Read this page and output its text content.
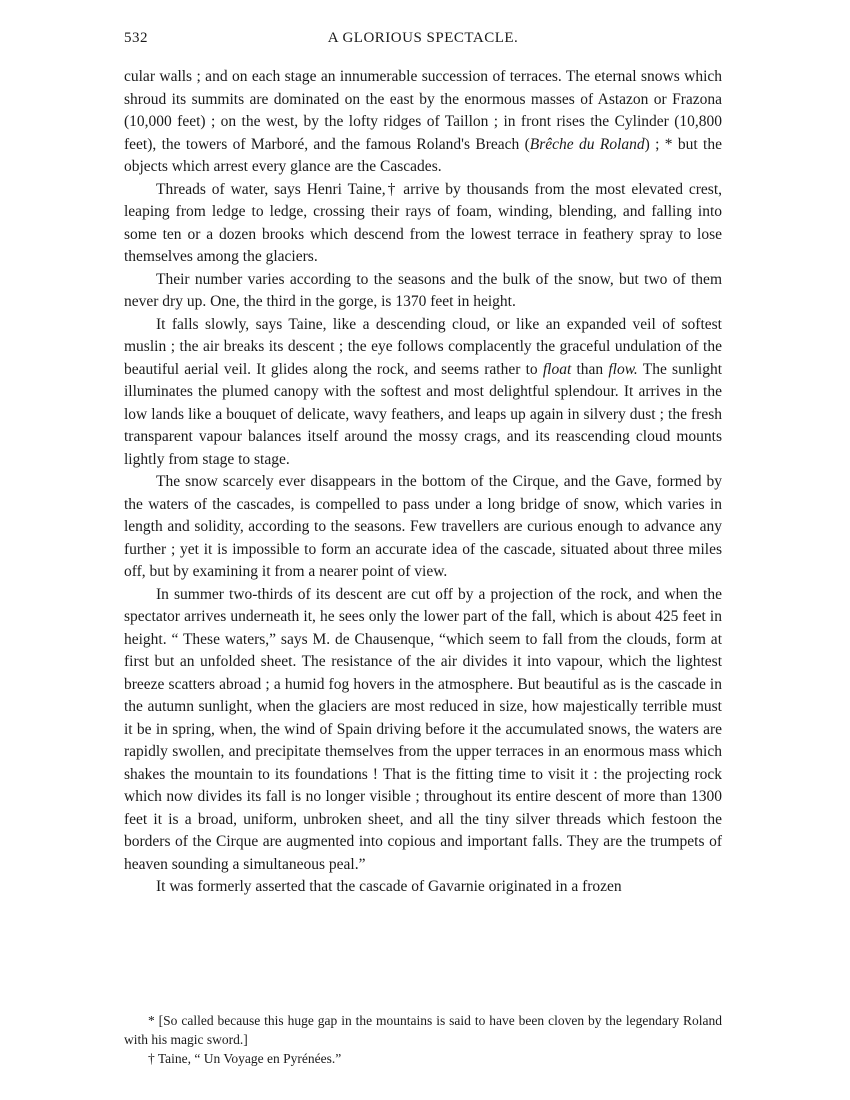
532	A GLORIOUS SPECTACLE.

cular walls ; and on each stage an innumerable succession of terraces. The eternal snows which shroud its summits are dominated on the east by the enormous masses of Astazon or Frazona (10,000 feet) ; on the west, by the lofty ridges of Taillon ; in front rises the Cylinder (10,800 feet), the towers of Marboré, and the famous Roland's Breach (Brêche du Roland) ; * but the objects which arrest every glance are the Cascades.

Threads of water, says Henri Taine,† arrive by thousands from the most elevated crest, leaping from ledge to ledge, crossing their rays of foam, winding, blending, and falling into some ten or a dozen brooks which descend from the lowest terrace in feathery spray to lose themselves among the glaciers.

Their number varies according to the seasons and the bulk of the snow, but two of them never dry up. One, the third in the gorge, is 1370 feet in height.

It falls slowly, says Taine, like a descending cloud, or like an expanded veil of softest muslin ; the air breaks its descent ; the eye follows complacently the graceful undulation of the beautiful aerial veil. It glides along the rock, and seems rather to float than flow. The sunlight illuminates the plumed canopy with the softest and most delightful splendour. It arrives in the low lands like a bouquet of delicate, wavy feathers, and leaps up again in silvery dust ; the fresh transparent vapour balances itself around the mossy crags, and its reascending cloud mounts lightly from stage to stage.

The snow scarcely ever disappears in the bottom of the Cirque, and the Gave, formed by the waters of the cascades, is compelled to pass under a long bridge of snow, which varies in length and solidity, according to the seasons. Few travellers are curious enough to advance any further ; yet it is impossible to form an accurate idea of the cascade, situated about three miles off, but by examining it from a nearer point of view.

In summer two-thirds of its descent are cut off by a projection of the rock, and when the spectator arrives underneath it, he sees only the lower part of the fall, which is about 425 feet in height. “ These waters,” says M. de Chausenque, “which seem to fall from the clouds, form at first but an unfolded sheet. The resistance of the air divides it into vapour, which the lightest breeze scatters abroad ; a humid fog hovers in the atmosphere. But beautiful as is the cascade in the autumn sunlight, when the glaciers are most reduced in size, how majestically terrible must it be in spring, when, the wind of Spain driving before it the accumulated snows, the waters are rapidly swollen, and precipitate themselves from the upper terraces in an enormous mass which shakes the mountain to its foundations ! That is the fitting time to visit it : the projecting rock which now divides its fall is no longer visible ; throughout its entire descent of more than 1300 feet it is a broad, uniform, unbroken sheet, and all the tiny silver threads which festoon the borders of the Cirque are augmented into copious and important falls. They are the trumpets of heaven sounding a simultaneous peal.”

It was formerly asserted that the cascade of Gavarnie originated in a frozen

* [So called because this huge gap in the mountains is said to have been cloven by the legendary Roland with his magic sword.]

† Taine, “ Un Voyage en Pyrénées.”
